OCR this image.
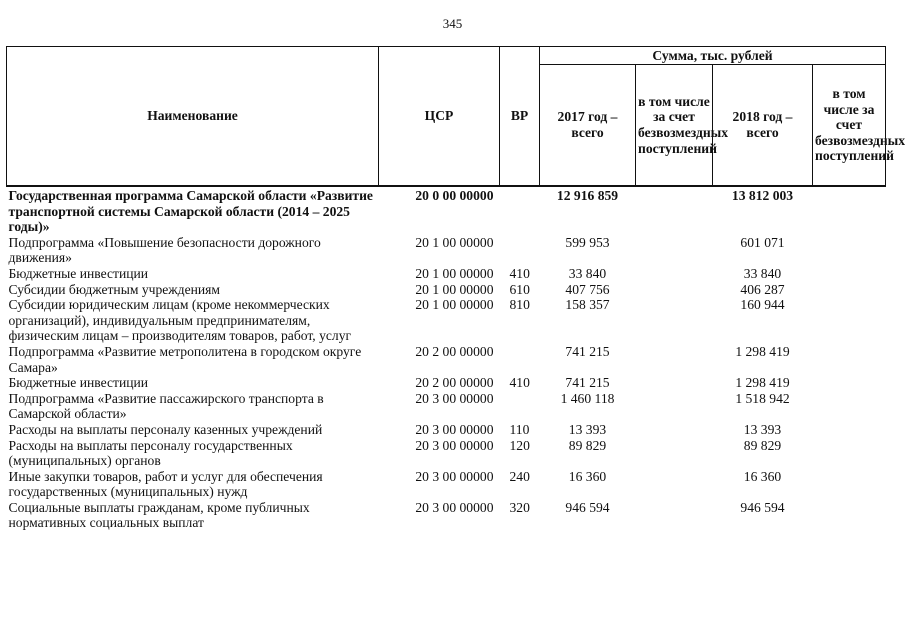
345
Наименование	ЦСР	ВР	Сумма, тыс. рублей			
			2017 год – всего	в том числе за счет безвозмездных поступлений	2018 год – всего	в том числе за счет безвозмездных поступлений
Государственная программа Самарской области «Развитие транспортной системы Самарской области (2014 – 2025 годы)»	20 0 00 00000		12 916 859		13 812 003	
Подпрограмма «Повышение безопасности дорожного движения»	20 1 00 00000		599 953		601 071	
Бюджетные инвестиции	20 1 00 00000	410	33 840		33 840	
Субсидии бюджетным учреждениям	20 1 00 00000	610	407 756		406 287	
Субсидии юридическим лицам (кроме некоммерческих организаций), индивидуальным предпринимателям, физическим лицам – производителям товаров, работ, услуг	20 1 00 00000	810	158 357		160 944	
Подпрограмма «Развитие метрополитена в городском округе Самара»	20 2 00 00000		741 215		1 298 419	
Бюджетные инвестиции	20 2 00 00000	410	741 215		1 298 419	
Подпрограмма «Развитие пассажирского транспорта в Самарской области»	20 3 00 00000		1 460 118		1 518 942	
Расходы на выплаты персоналу казенных учреждений	20 3 00 00000	110	13 393		13 393	
Расходы на выплаты персоналу государственных (муниципальных) органов	20 3 00 00000	120	89 829		89 829	
Иные закупки товаров, работ и услуг для обеспечения государственных (муниципальных) нужд	20 3 00 00000	240	16 360		16 360	
Социальные выплаты гражданам, кроме публичных нормативных социальных выплат	20 3 00 00000	320	946 594		946 594	
